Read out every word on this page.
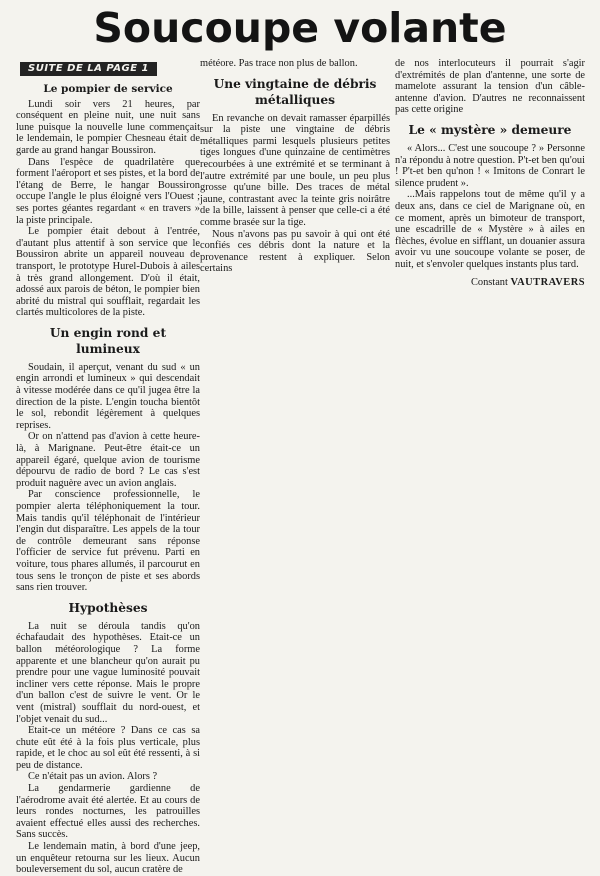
Soucoupe volante
SUITE DE LA PAGE 1
Le pompier de service

Lundi soir vers 21 heures, par conséquent en pleine nuit, une nuit sans lune puisque la nouvelle lune commençait le lendemain, le pompier Chesneau était de garde au grand hangar Boussiron.

Dans l'espèce de quadrilatère que forment l'aéroport et ses pistes, et la bord de l'étang de Berre, le hangar Boussiron occupe l'angle le plus éloigné vers l'Ouest ; ses portes géantes regardant « en travers » la piste principale.

Le pompier était debout à l'entrée, d'autant plus attentif à son service que le Boussiron abrite un appareil nouveau de transport, le prototype Hurel-Dubois à ailes à très grand allongement. D'où il était, adossé aux parois de béton, le pompier bien abrité du mistral qui soufflait, regardait les clartés multicolores de la piste.

Un engin rond et lumineux

Soudain, il aperçut, venant du sud « un engin arrondi et lumineux » qui descendait à vitesse modérée dans ce qu'il jugea être la direction de la piste. L'engin toucha bientôt le sol, rebondit légèrement à quelques reprises.

Or on n'attend pas d'avion à cette heure-là, à Marignane. Peut-être était-ce un appareil égaré, quelque avion de tourisme dépourvu de radio de bord ? Le cas s'est produit naguère avec un avion anglais.

Par conscience professionnelle, le pompier alerta téléphoniquement la tour. Mais tandis qu'il téléphonait de l'intérieur l'engin dut disparaître. Les appels de la tour de contrôle demeurant sans réponse l'officier de service fut prévenu. Parti en voiture, tous phares allumés, il parcourut en tous sens le tronçon de piste et ses abords sans rien trouver.

Hypothèses

La nuit se déroula tandis qu'on échafaudait des hypothèses. Etait-ce un ballon météorologique ? La forme apparente et une blancheur qu'on aurait pu prendre pour une vague luminosité pouvait incliner vers cette réponse. Mais le propre d'un ballon c'est de suivre le vent. Or le vent (mistral) soufflait du nord-ouest, et l'objet venait du sud...

Etait-ce un météore ? Dans ce cas sa chute eût été à la fois plus verticale, plus rapide, et le choc au sol eût été ressenti, à si peu de distance.

Ce n'était pas un avion. Alors ?

La gendarmerie gardienne de l'aérodrome avait été alertée. Et au cours de leurs rondes nocturnes, les patrouilles avaient effectué elles aussi des recherches. Sans succès.

Le lendemain matin, à bord d'une jeep, un enquêteur retourna sur les lieux. Aucun bouleversement du sol, aucun cratère de

météore. Pas trace non plus de ballon.

Une vingtaine de débris métalliques

En revanche on devait ramasser éparpillés sur la piste une vingtaine de débris métalliques parmi lesquels plusieurs petites tiges longues d'une quinzaine de centimètres recourbées à une extrémité et se terminant à l'autre extrémité par une boule, un peu plus grosse qu'une bille. Des traces de métal jaune, contrastant avec la teinte gris noirâtre de la bille, laissent à penser que celle-ci a été comme brasée sur la tige.

Nous n'avons pas pu savoir à qui ont été confiés ces débris dont la nature et la provenance restent à expliquer. Selon certains

de nos interlocuteurs il pourrait s'agir d'extrémités de plan d'antenne, une sorte de mamelote assurant la tension d'un câble-antenne d'avion. D'autres ne reconnaissent pas cette origine

Le « mystère » demeure

« Alors... C'est une soucoupe ? » Personne n'a répondu à notre question. P't-et ben qu'oui ! P't-et ben qu'non ! « Imitons de Conrart le silence prudent ».

...Mais rappelons tout de même qu'il y a deux ans, dans ce ciel de Marignane où, en ce moment, après un bimoteur de transport, une escadrille de « Mystère » à ailes en flèches, évolue en sifflant, un douanier assura avoir vu une soucoupe volante se poser, de nuit, et s'envoler quelques instants plus tard.

Constant VAUTRAVERS
